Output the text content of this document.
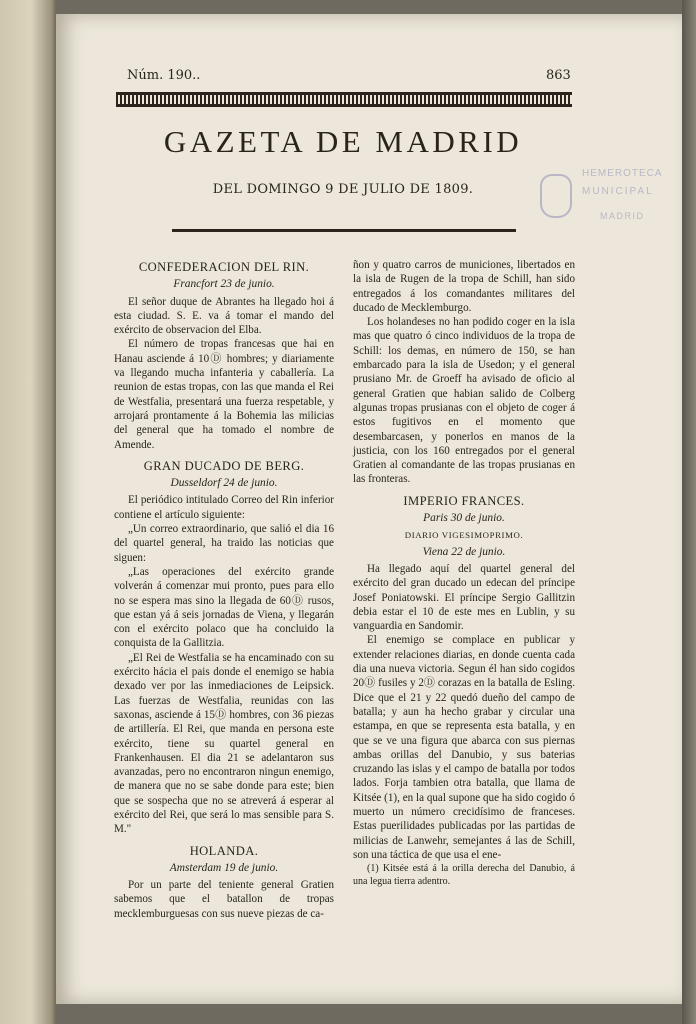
Núm. 190..	863
GAZETA DE MADRID
DEL DOMINGO 9 DE JULIO DE 1809.
HEMEROTECA
MUNICIPAL
MADRID
CONFEDERACION DEL RIN.
Francfort 23 de junio.

El señor duque de Abrantes ha llegado hoi á esta ciudad. S. E. va á tomar el mando del exército de observacion del Elba.

El número de tropas francesas que hai en Hanau asciende á 10Ⓓ hombres; y diariamente va llegando mucha infanteria y caballería. La reunion de estas tropas, con las que manda el Rei de Westfalia, presentará una fuerza respetable, y arrojará prontamente á la Bohemia las milicias del general que ha tomado el nombre de Amende.

GRAN DUCADO DE BERG.
Dusseldorf 24 de junio.

El periódico intitulado Correo del Rin inferior contiene el artículo siguiente:

„Un correo extraordinario, que salió el dia 16 del quartel general, ha traido las noticias que siguen:

„Las operaciones del exército grande volverán á comenzar mui pronto, pues para ello no se espera mas sino la llegada de 60Ⓓ rusos, que estan yá á seis jornadas de Viena, y llegarán con el exército polaco que ha concluido la conquista de la Gallitzia.

„El Rei de Westfalia se ha encaminado con su exército hácia el pais donde el enemigo se habia dexado ver por las inmediaciones de Leipsick. Las fuerzas de Westfalia, reunidas con las saxonas, asciende á 15Ⓓ hombres, con 36 piezas de artillería. El Rei, que manda en persona este exército, tiene su quartel general en Frankenhausen. El dia 21 se adelantaron sus avanzadas, pero no encontraron ningun enemigo, de manera que no se sabe donde para este; bien que se sospecha que no se atreverá á esperar al exército del Rei, que será lo mas sensible para S. M."

HOLANDA.
Amsterdam 19 de junio.

Por un parte del teniente general Gratien sabemos que el batallon de tropas mecklemburguesas con sus nueve piezas de ca-

ñon y quatro carros de municiones, libertados en la isla de Rugen de la tropa de Schill, han sido entregados á los comandantes militares del ducado de Mecklemburgo.

Los holandeses no han podido coger en la isla mas que quatro ó cinco individuos de la tropa de Schill: los demas, en número de 150, se han embarcado para la isla de Usedon; y el general prusiano Mr. de Groeff ha avisado de oficio al general Gratien que habian salido de Colberg algunas tropas prusianas con el objeto de coger á estos fugitivos en el momento que desembarcasen, y ponerlos en manos de la justicia, con los 160 entregados por el general Gratien al comandante de las tropas prusianas en las fronteras.

IMPERIO FRANCES.
Paris 30 de junio.
DIARIO VIGESIMOPRIMO.
Viena 22 de junio.

Ha llegado aquí del quartel general del exército del gran ducado un edecan del príncipe Josef Poniatowski. El príncipe Sergio Gallitzin debia estar el 10 de este mes en Lublin, y su vanguardia en Sandomir.

El enemigo se complace en publicar y extender relaciones diarias, en donde cuenta cada dia una nueva victoria. Segun él han sido cogidos 20Ⓓ fusiles y 2Ⓓ corazas en la batalla de Esling. Dice que el 21 y 22 quedó dueño del campo de batalla; y aun ha hecho grabar y circular una estampa, en que se representa esta batalla, y en que se ve una figura que abarca con sus piernas ambas orillas del Danubio, y sus baterias cruzando las islas y el campo de batalla por todos lados. Forja tambien otra batalla, que llama de Kitsée (1), en la qual supone que ha sido cogido ó muerto un número crecidísimo de franceses. Estas puerilidades publicadas por las partidas de milicias de Lanwehr, semejantes á las de Schill, son una táctica de que usa el ene-

(1) Kitsée está á la orilla derecha del Danubio, á una legua tierra adentro.
